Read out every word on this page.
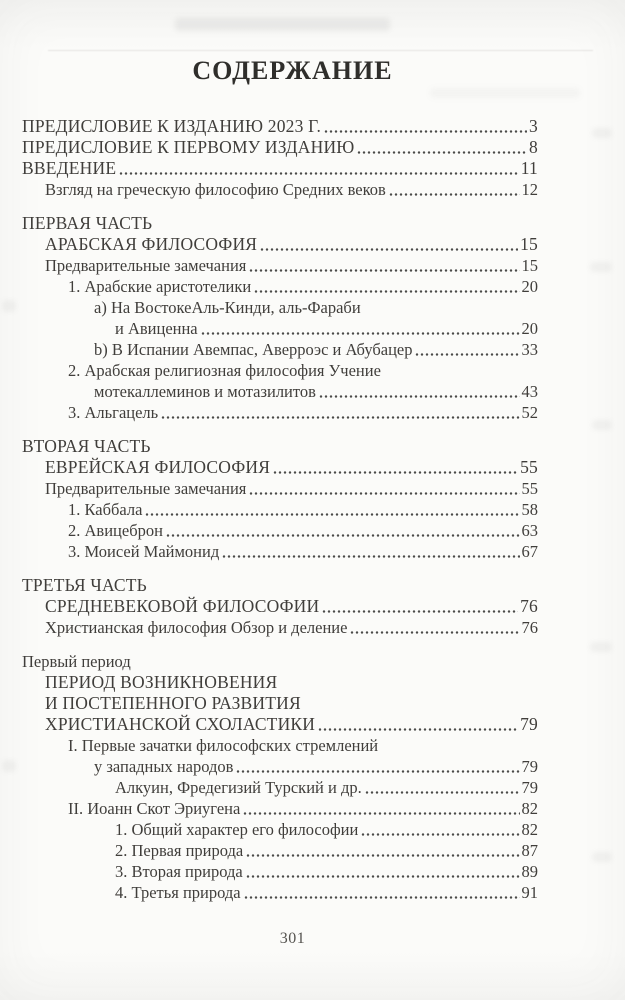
СОДЕРЖАНИЕ
ПРЕДИСЛОВИЕ К ИЗДАНИЮ 2023 Г.	3
ПРЕДИСЛОВИЕ К ПЕРВОМУ ИЗДАНИЮ	8
ВВЕДЕНИЕ	11
Взгляд на греческую философию Средних веков	12
ПЕРВАЯ ЧАСТЬ
АРАБСКАЯ ФИЛОСОФИЯ	15
Предварительные замечания	15
1. Арабские аристотелики	20
a) На ВостокеАль-Кинди, аль-Фараби
и Авиценна	20
b) В Испании Авемпас, Аверроэс и Абубацер	33
2. Арабская религиозная философия Учение
мотекаллеминов и мотазилитов	43
3. Альгацель	52
ВТОРАЯ ЧАСТЬ
ЕВРЕЙСКАЯ ФИЛОСОФИЯ	55
Предварительные замечания	55
1. Каббала	58
2. Авицеброн	63
3. Моисей Маймонид	67
ТРЕТЬЯ ЧАСТЬ
СРЕДНЕВЕКОВОЙ ФИЛОСОФИИ	76
Христианская философия Обзор и деление	76
Первый период
ПЕРИОД ВОЗНИКНОВЕНИЯ
И ПОСТЕПЕННОГО РАЗВИТИЯ
ХРИСТИАНСКОЙ СХОЛАСТИКИ	79
I. Первые зачатки философских стремлений
у западных народов	79
Алкуин, Фредегизий Турский и др.	79
II. Иоанн Скот Эриугена	82
1. Общий характер его философии	82
2. Первая природа	87
3. Вторая природа	89
4. Третья природа	91
301
